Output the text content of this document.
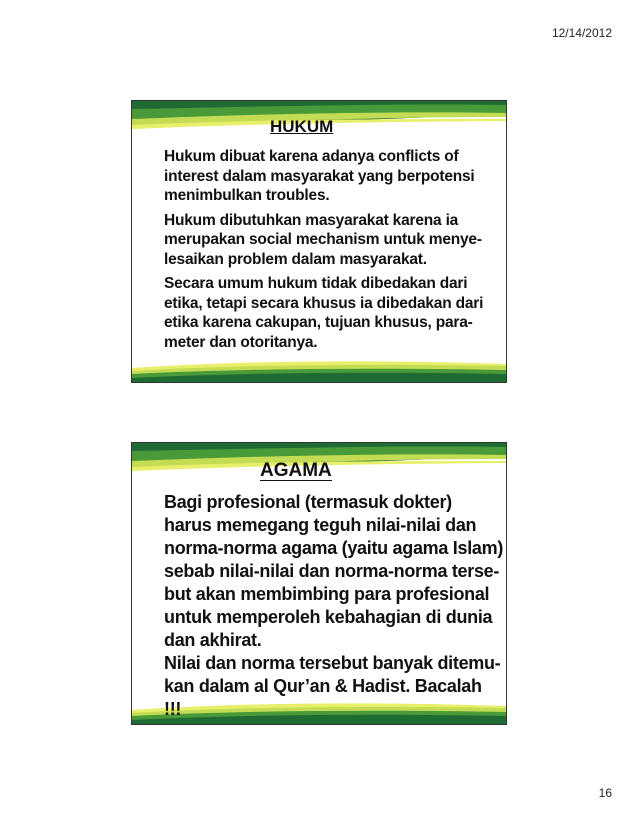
12/14/2012
HUKUM
Hukum dibuat karena adanya conflicts of
interest dalam masyarakat yang berpotensi
menimbulkan troubles.
Hukum dibutuhkan masyarakat karena ia
merupakan social mechanism untuk menye-
lesaikan problem dalam masyarakat.
Secara umum hukum tidak dibedakan dari
etika, tetapi secara khusus ia dibedakan dari
etika karena cakupan, tujuan khusus, para-
meter dan otoritanya.
AGAMA
Bagi profesional (termasuk dokter)
harus memegang teguh nilai-nilai dan
norma-norma agama (yaitu agama Islam)
sebab nilai-nilai dan norma-norma terse-
but akan membimbing para profesional
untuk memperoleh kebahagian di dunia
dan akhirat.
Nilai dan norma tersebut banyak ditemu-
kan dalam al Qur’an & Hadist. Bacalah
!!!
16
